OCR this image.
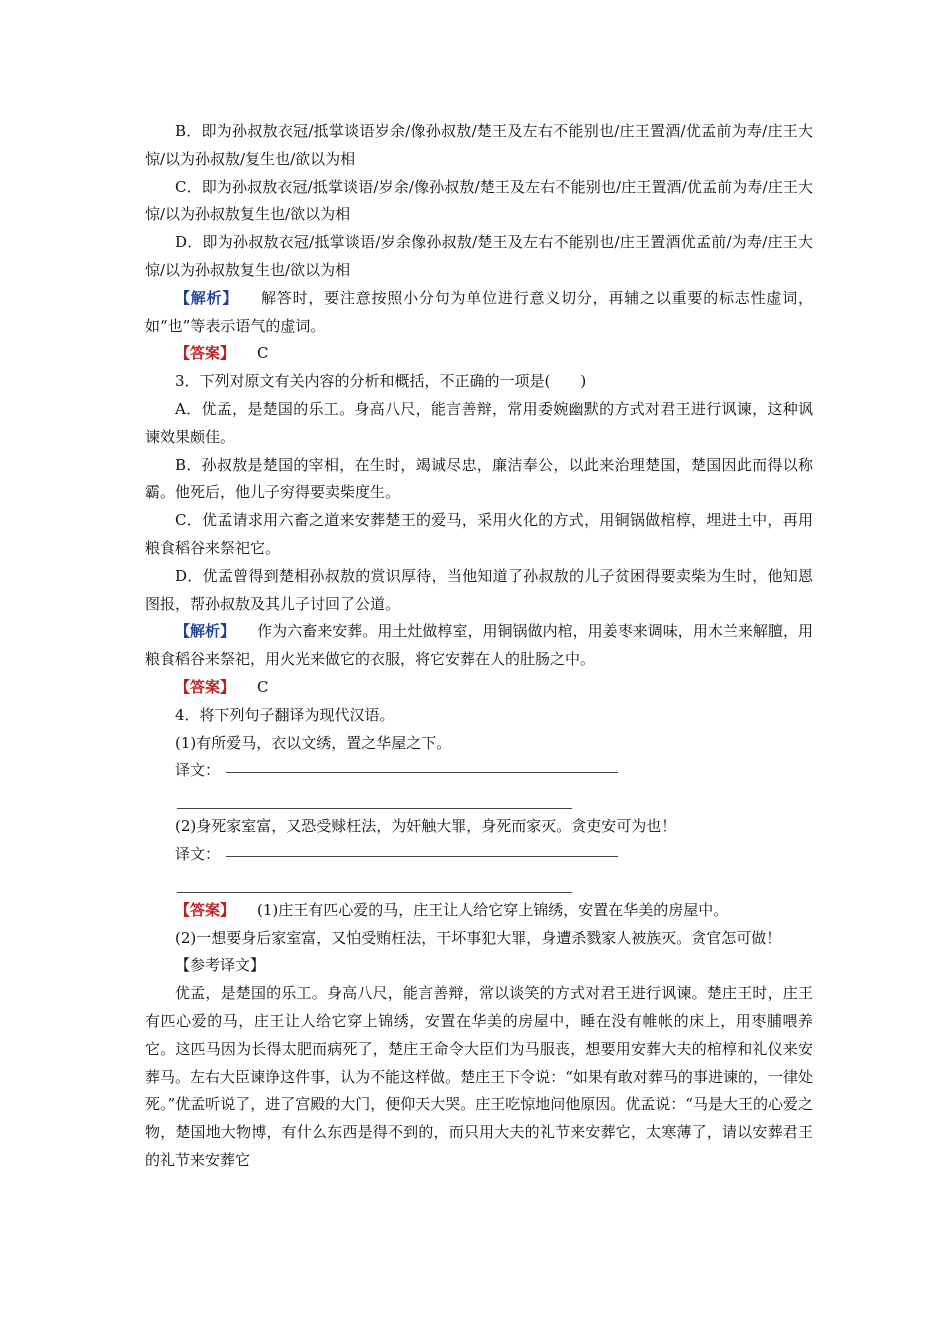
B．即为孙叔敖衣冠/抵掌谈语岁余/像孙叔敖/楚王及左右不能别也/庄王置酒/优孟前为寿/庄王大惊/以为孙叔敖/复生也/欲以为相

C．即为孙叔敖衣冠/抵掌谈语/岁余/像孙叔敖/楚王及左右不能别也/庄王置酒/优孟前为寿/庄王大惊/以为孙叔敖复生也/欲以为相

D．即为孙叔敖衣冠/抵掌谈语/岁余像孙叔敖/楚王及左右不能别也/庄王置酒优孟前/为寿/庄王大惊/以为孙叔敖复生也/欲以为相

【解析】 解答时，要注意按照小分句为单位进行意义切分，再辅之以重要的标志性虚词，如“也”等表示语气的虚词。

【答案】 C

3．下列对原文有关内容的分析和概括，不正确的一项是(　　)

A．优孟，是楚国的乐工。身高八尺，能言善辩，常用委婉幽默的方式对君王进行讽谏，这种讽谏效果颇佳。

B．孙叔敖是楚国的宰相，在生时，竭诚尽忠，廉洁奉公，以此来治理楚国，楚国因此而得以称霸。他死后，他儿子穷得要卖柴度生。

C．优孟请求用六畜之道来安葬楚王的爱马，采用火化的方式，用铜锅做棺椁，埋进土中，再用粮食稻谷来祭祀它。

D．优孟曾得到楚相孙叔敖的赏识厚待，当他知道了孙叔敖的儿子贫困得要卖柴为生时，他知恩图报，帮孙叔敖及其儿子讨回了公道。

【解析】 作为六畜来安葬。用土灶做椁室，用铜锅做内棺，用姜枣来调味，用木兰来解膻，用粮食稻谷来祭祀，用火光来做它的衣服，将它安葬在人的肚肠之中。

【答案】 C

4．将下列句子翻译为现代汉语。

(1)有所爱马，衣以文绣，置之华屋之下。

译文：

(2)身死家室富，又恐受赇枉法，为奸触大罪，身死而家灭。贪吏安可为也！

译文：

【答案】 (1)庄王有匹心爱的马，庄王让人给它穿上锦绣，安置在华美的房屋中。

(2)一想要身后家室富，又怕受贿枉法，干坏事犯大罪，身遭杀戮家人被族灭。贪官怎可做！

【参考译文】

优孟，是楚国的乐工。身高八尺，能言善辩，常以谈笑的方式对君王进行讽谏。楚庄王时，庄王有匹心爱的马，庄王让人给它穿上锦绣，安置在华美的房屋中，睡在没有帷帐的床上，用枣脯喂养它。这匹马因为长得太肥而病死了，楚庄王命令大臣们为马服丧，想要用安葬大夫的棺椁和礼仪来安葬马。左右大臣谏诤这件事，认为不能这样做。楚庄王下令说：“如果有敢对葬马的事进谏的，一律处死。”优孟听说了，进了宫殿的大门，便仰天大哭。庄王吃惊地问他原因。优孟说：“马是大王的心爱之物，楚国地大物博，有什么东西是得不到的，而只用大夫的礼节来安葬它，太寒薄了，请以安葬君王的礼节来安葬它
